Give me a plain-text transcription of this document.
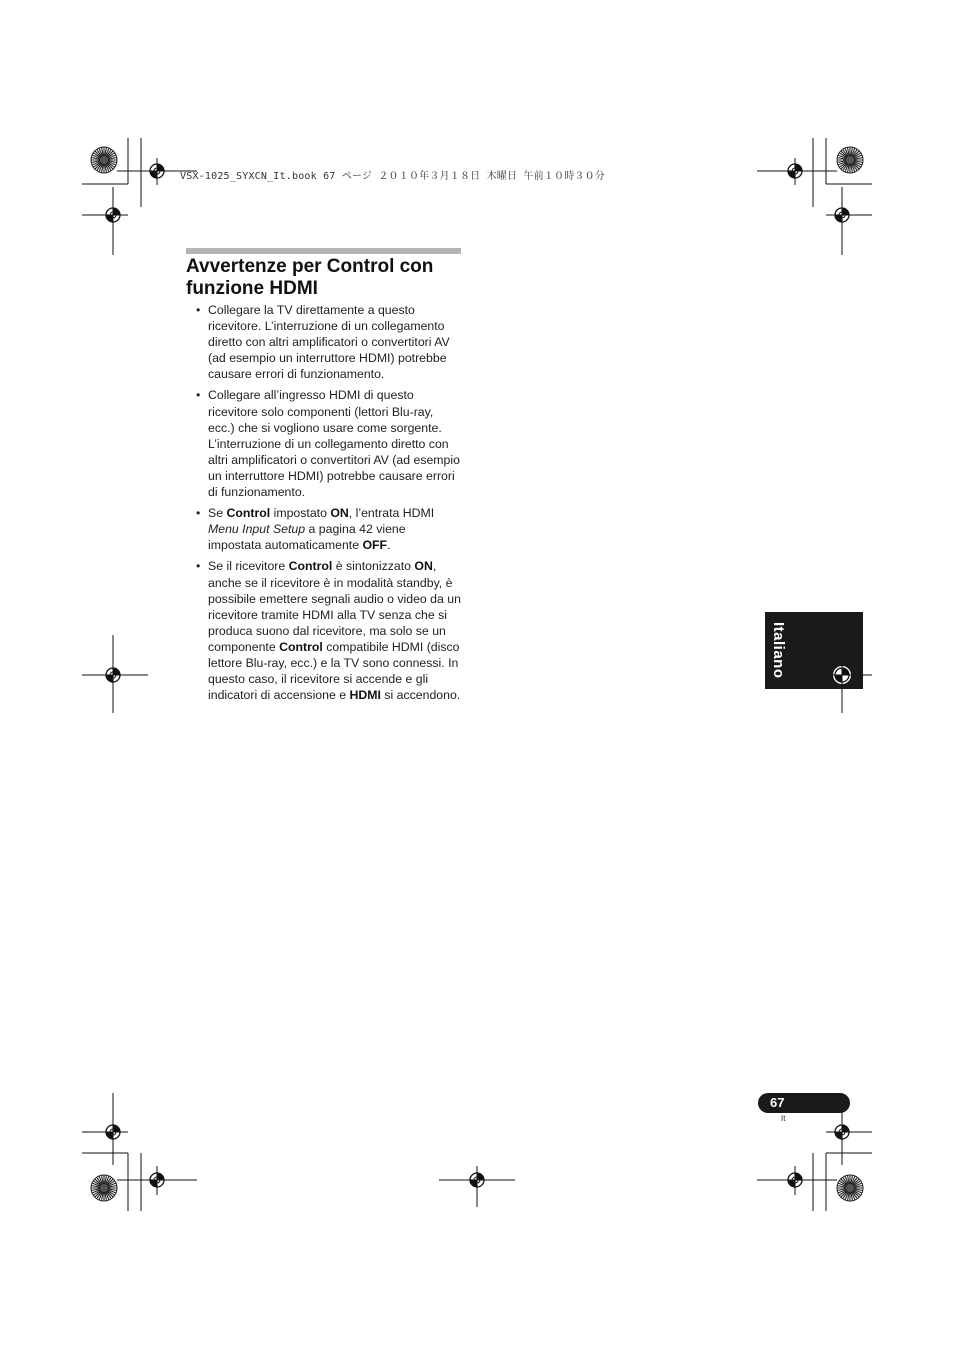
VSX-1025_SYXCN_It.book 67 ページ ２０１０年３月１８日 木曜日 午前１０時３０分
Avvertenze per Control con
funzione HDMI
• Collegare la TV direttamente a questo ricevitore. L’interruzione di un collegamento diretto con altri amplificatori o convertitori AV (ad esempio un interruttore HDMI) potrebbe causare errori di funzionamento.
• Collegare all’ingresso HDMI di questo ricevitore solo componenti (lettori Blu-ray, ecc.) che si vogliono usare come sorgente. L’interruzione di un collegamento diretto con altri amplificatori o convertitori AV (ad esempio un interruttore HDMI) potrebbe causare errori di funzionamento.
• Se Control impostato ON, l’entrata HDMI Menu Input Setup a pagina 42 viene impostata automaticamente OFF.
• Se il ricevitore Control è sintonizzato ON, anche se il ricevitore è in modalità standby, è possibile emettere segnali audio o video da un ricevitore tramite HDMI alla TV senza che si produca suono dal ricevitore, ma solo se un componente Control compatibile HDMI (disco lettore Blu-ray, ecc.) e la TV sono connessi. In questo caso, il ricevitore si accende e gli indicatori di accensione e HDMI si accendono.
Italiano
67
It
